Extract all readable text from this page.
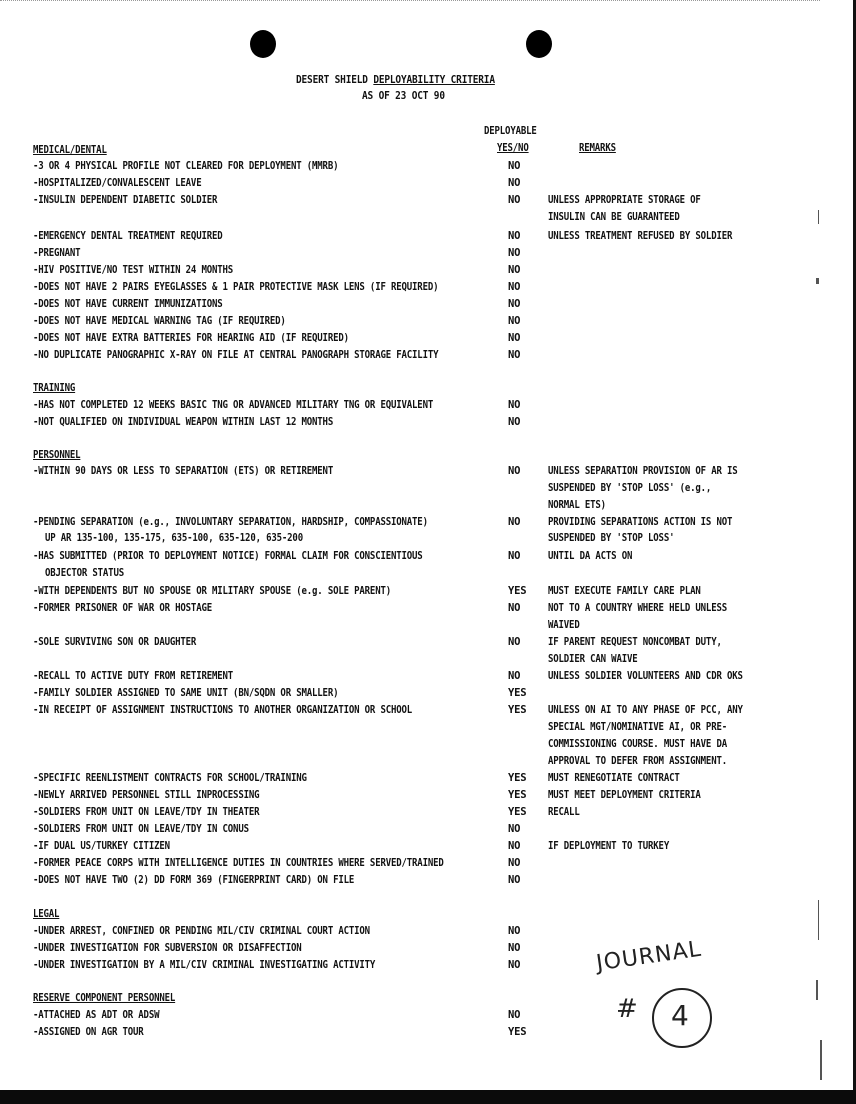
DESERT SHIELD DEPLOYABILITY CRITERIA
AS OF 23 OCT 90
DEPLOYABLE
YES/NO	REMARKS
MEDICAL/DENTAL
-3 OR 4 PHYSICAL PROFILE NOT CLEARED FOR DEPLOYMENT (MMRB)	NO
-HOSPITALIZED/CONVALESCENT LEAVE	NO
-INSULIN DEPENDENT DIABETIC SOLDIER	NO	UNLESS APPROPRIATE STORAGE OF
INSULIN CAN BE GUARANTEED
-EMERGENCY DENTAL TREATMENT REQUIRED	NO	UNLESS TREATMENT REFUSED BY SOLDIER
-PREGNANT	NO
-HIV POSITIVE/NO TEST WITHIN 24 MONTHS	NO
-DOES NOT HAVE 2 PAIRS EYEGLASSES & 1 PAIR PROTECTIVE MASK LENS (IF REQUIRED)	NO
-DOES NOT HAVE CURRENT IMMUNIZATIONS	NO
-DOES NOT HAVE MEDICAL WARNING TAG (IF REQUIRED)	NO
-DOES NOT HAVE EXTRA BATTERIES FOR HEARING AID (IF REQUIRED)	NO
-NO DUPLICATE PANOGRAPHIC X-RAY ON FILE AT CENTRAL PANOGRAPH STORAGE FACILITY	NO
TRAINING
-HAS NOT COMPLETED 12 WEEKS BASIC TNG OR ADVANCED MILITARY TNG OR EQUIVALENT	NO
-NOT QUALIFIED ON INDIVIDUAL WEAPON WITHIN LAST 12 MONTHS	NO
PERSONNEL
-WITHIN 90 DAYS OR LESS TO SEPARATION (ETS) OR RETIREMENT	NO	UNLESS SEPARATION PROVISION OF AR IS
SUSPENDED BY 'STOP LOSS' (e.g.,
NORMAL ETS)
-PENDING SEPARATION (e.g., INVOLUNTARY SEPARATION, HARDSHIP, COMPASSIONATE)
UP AR 135-100, 135-175, 635-100, 635-120, 635-200
NO	PROVIDING SEPARATIONS ACTION IS NOT
SUSPENDED BY 'STOP LOSS'
-HAS SUBMITTED (PRIOR TO DEPLOYMENT NOTICE) FORMAL CLAIM FOR CONSCIENTIOUS
OBJECTOR STATUS
NO	UNTIL DA ACTS ON
-WITH DEPENDENTS BUT NO SPOUSE OR MILITARY SPOUSE (e.g. SOLE PARENT)	YES MUST EXECUTE FAMILY CARE PLAN
-FORMER PRISONER OF WAR OR HOSTAGE	NO	NOT TO A COUNTRY WHERE HELD UNLESS
WAIVED
-SOLE SURVIVING SON OR DAUGHTER	NO	IF PARENT REQUEST NONCOMBAT DUTY,
SOLDIER CAN WAIVE
-RECALL TO ACTIVE DUTY FROM RETIREMENT	NO	UNLESS SOLDIER VOLUNTEERS AND CDR OKS
-FAMILY SOLDIER ASSIGNED TO SAME UNIT (BN/SQDN OR SMALLER)	YES
-IN RECEIPT OF ASSIGNMENT INSTRUCTIONS TO ANOTHER ORGANIZATION OR SCHOOL	YES UNLESS ON AI TO ANY PHASE OF PCC, ANY
SPECIAL MGT/NOMINATIVE AI, OR PRE-
COMMISSIONING COURSE. MUST HAVE DA
APPROVAL TO DEFER FROM ASSIGNMENT.
-SPECIFIC REENLISTMENT CONTRACTS FOR SCHOOL/TRAINING	YES MUST RENEGOTIATE CONTRACT
-NEWLY ARRIVED PERSONNEL STILL INPROCESSING	YES MUST MEET DEPLOYMENT CRITERIA
-SOLDIERS FROM UNIT ON LEAVE/TDY IN THEATER	YES RECALL
-SOLDIERS FROM UNIT ON LEAVE/TDY IN CONUS	NO
-IF DUAL US/TURKEY CITIZEN	NO	IF DEPLOYMENT TO TURKEY
-FORMER PEACE CORPS WITH INTELLIGENCE DUTIES IN COUNTRIES WHERE SERVED/TRAINED	NO
-DOES NOT HAVE TWO (2) DD FORM 369 (FINGERPRINT CARD) ON FILE	NO
LEGAL
-UNDER ARREST, CONFINED OR PENDING MIL/CIV CRIMINAL COURT ACTION	NO
-UNDER INVESTIGATION FOR SUBVERSION OR DISAFFECTION	NO
-UNDER INVESTIGATION BY A MIL/CIV CRIMINAL INVESTIGATING ACTIVITY	NO
RESERVE COMPONENT PERSONNEL
-ATTACHED AS ADT OR ADSW	NO
-ASSIGNED ON AGR TOUR	YES
JOURNAL
# 4
